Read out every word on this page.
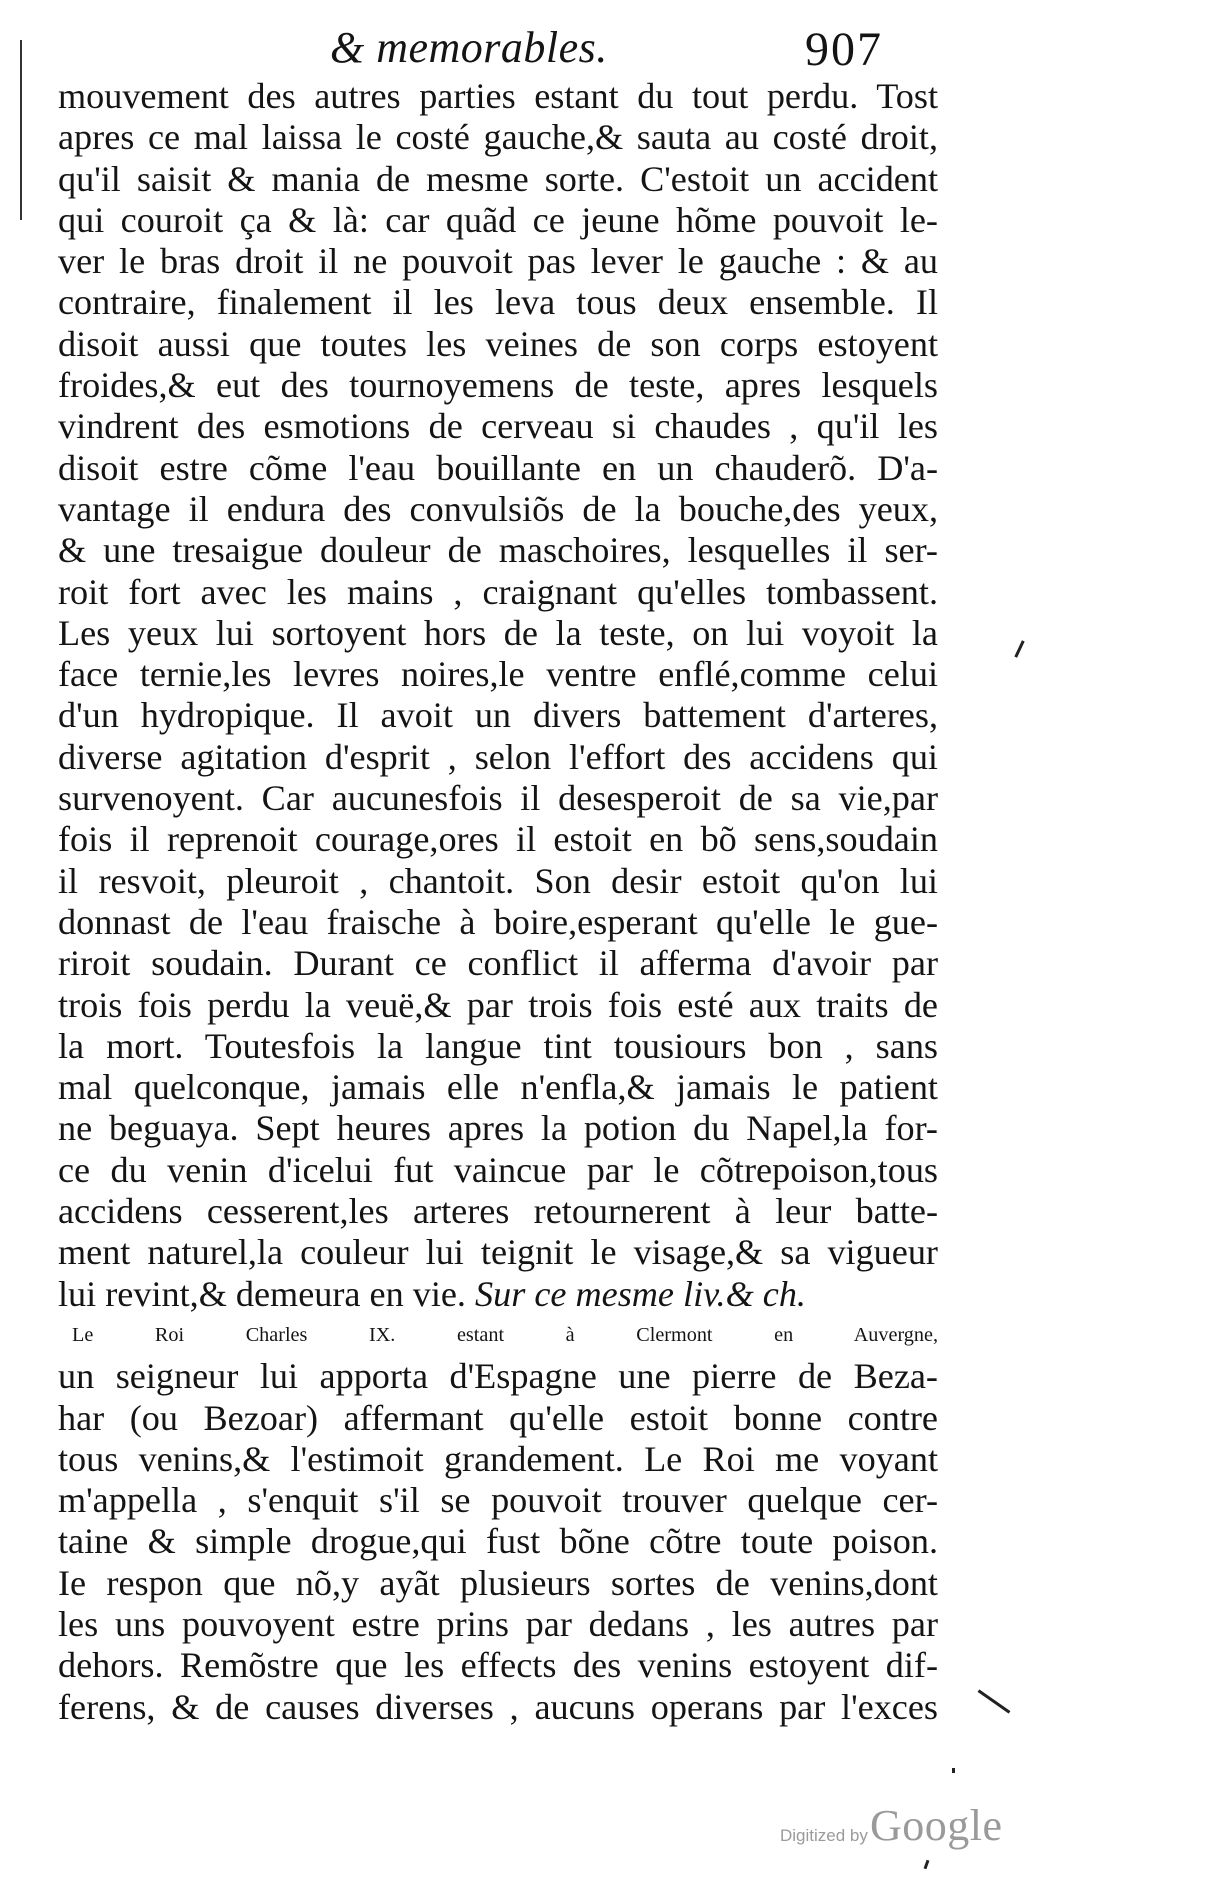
& memorables.	907
mouvement des autres parties estant du tout perdu. Tost
apres ce mal laissa le costé gauche,& sauta au costé droit,
qu'il saisit & mania de mesme sorte. C'estoit un accident
qui couroit ça & là: car quãd ce jeune hõme pouvoit le-
ver le bras droit il ne pouvoit pas lever le gauche : & au
contraire, finalement il les leva tous deux ensemble. Il
disoit aussi que toutes les veines de son corps estoyent
froides,& eut des tournoyemens de teste, apres lesquels
vindrent des esmotions de cerveau si chaudes , qu'il les
disoit estre cõme l'eau bouillante en un chauderõ. D'a-
vantage il endura des convulsiõs de la bouche,des yeux,
& une tresaigue douleur de maschoires, lesquelles il ser-
roit fort avec les mains , craignant qu'elles tombassent.
Les yeux lui sortoyent hors de la teste, on lui voyoit la
face ternie,les levres noires,le ventre enflé,comme celui
d'un hydropique. Il avoit un divers battement d'arteres,
diverse agitation d'esprit , selon l'effort des accidens qui
survenoyent. Car aucunesfois il desesperoit de sa vie,par
fois il reprenoit courage,ores il estoit en bõ sens,soudain
il resvoit, pleuroit , chantoit. Son desir estoit qu'on lui
donnast de l'eau fraische à boire,esperant qu'elle le gue-
riroit soudain. Durant ce conflict il afferma d'avoir par
trois fois perdu la veuë,& par trois fois esté aux traits de
la mort. Toutesfois la langue tint tousiours bon , sans
mal quelconque, jamais elle n'enfla,& jamais le patient
ne beguaya. Sept heures apres la potion du Napel,la for-
ce du venin d'icelui fut vaincue par le cõtrepoison,tous
accidens cesserent,les arteres retournerent à leur batte-
ment naturel,la couleur lui teignit le visage,& sa vigueur
lui revint,& demeura en vie. Sur ce mesme liv.& ch.
Le Roi Charles IX. estant à Clermont en Auvergne,
un seigneur lui apporta d'Espagne une pierre de Beza-
har (ou Bezoar) affermant qu'elle estoit bonne contre
tous venins,& l'estimoit grandement. Le Roi me voyant
m'appella , s'enquit s'il se pouvoit trouver quelque cer-
taine & simple drogue,qui fust bõne cõtre toute poison.
Ie respon que nõ,y ayãt plusieurs sortes de venins,dont
les uns pouvoyent estre prins par dedans , les autres par
dehors. Remõstre que les effects des venins estoyent dif-
ferens, & de causes diverses , aucuns operans par l'exces
Digitized by Google
